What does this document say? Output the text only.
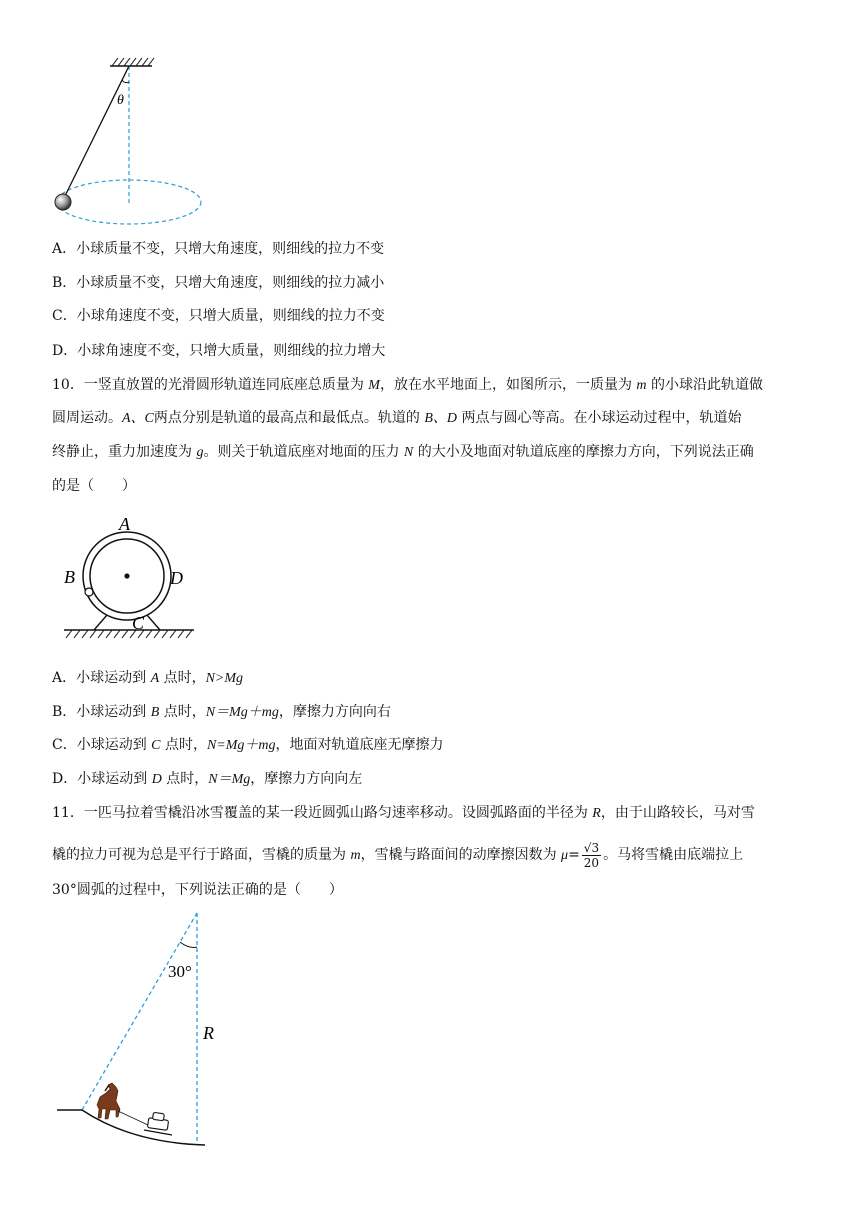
θ
A．小球质量不变，只增大角速度，则细线的拉力不变
B．小球质量不变，只增大角速度，则细线的拉力减小
C．小球角速度不变，只增大质量，则细线的拉力不变
D．小球角速度不变，只增大质量，则细线的拉力增大
10．一竖直放置的光滑圆形轨道连同底座总质量为 M，放在水平地面上，如图所示，一质量为 m 的小球沿此轨道做
圆周运动。A、C两点分别是轨道的最高点和最低点。轨道的 B、D 两点与圆心等高。在小球运动过程中，轨道始
终静止，重力加速度为 g。则关于轨道底座对地面的压力 N 的大小及地面对轨道底座的摩擦力方向，下列说法正确
的是（　　）
A
B	D
C
A．小球运动到 A 点时，N>Mg
B．小球运动到 B 点时，N＝Mg＋mg，摩擦力方向向右
C．小球运动到 C 点时，N=Mg＋mg，地面对轨道底座无摩擦力
D．小球运动到 D 点时，N＝Mg，摩擦力方向向左
11．一匹马拉着雪橇沿冰雪覆盖的某一段近圆弧山路匀速率移动。设圆弧路面的半径为 R，由于山路较长，马对雪
橇的拉力可视为总是平行于路面，雪橇的质量为 m，雪橇与路面间的动摩擦因数为 $\mu= \frac{√3}{20}$ 。马将雪橇由底端拉上
30°圆弧的过程中，下列说法正确的是（　　）
30°
R
